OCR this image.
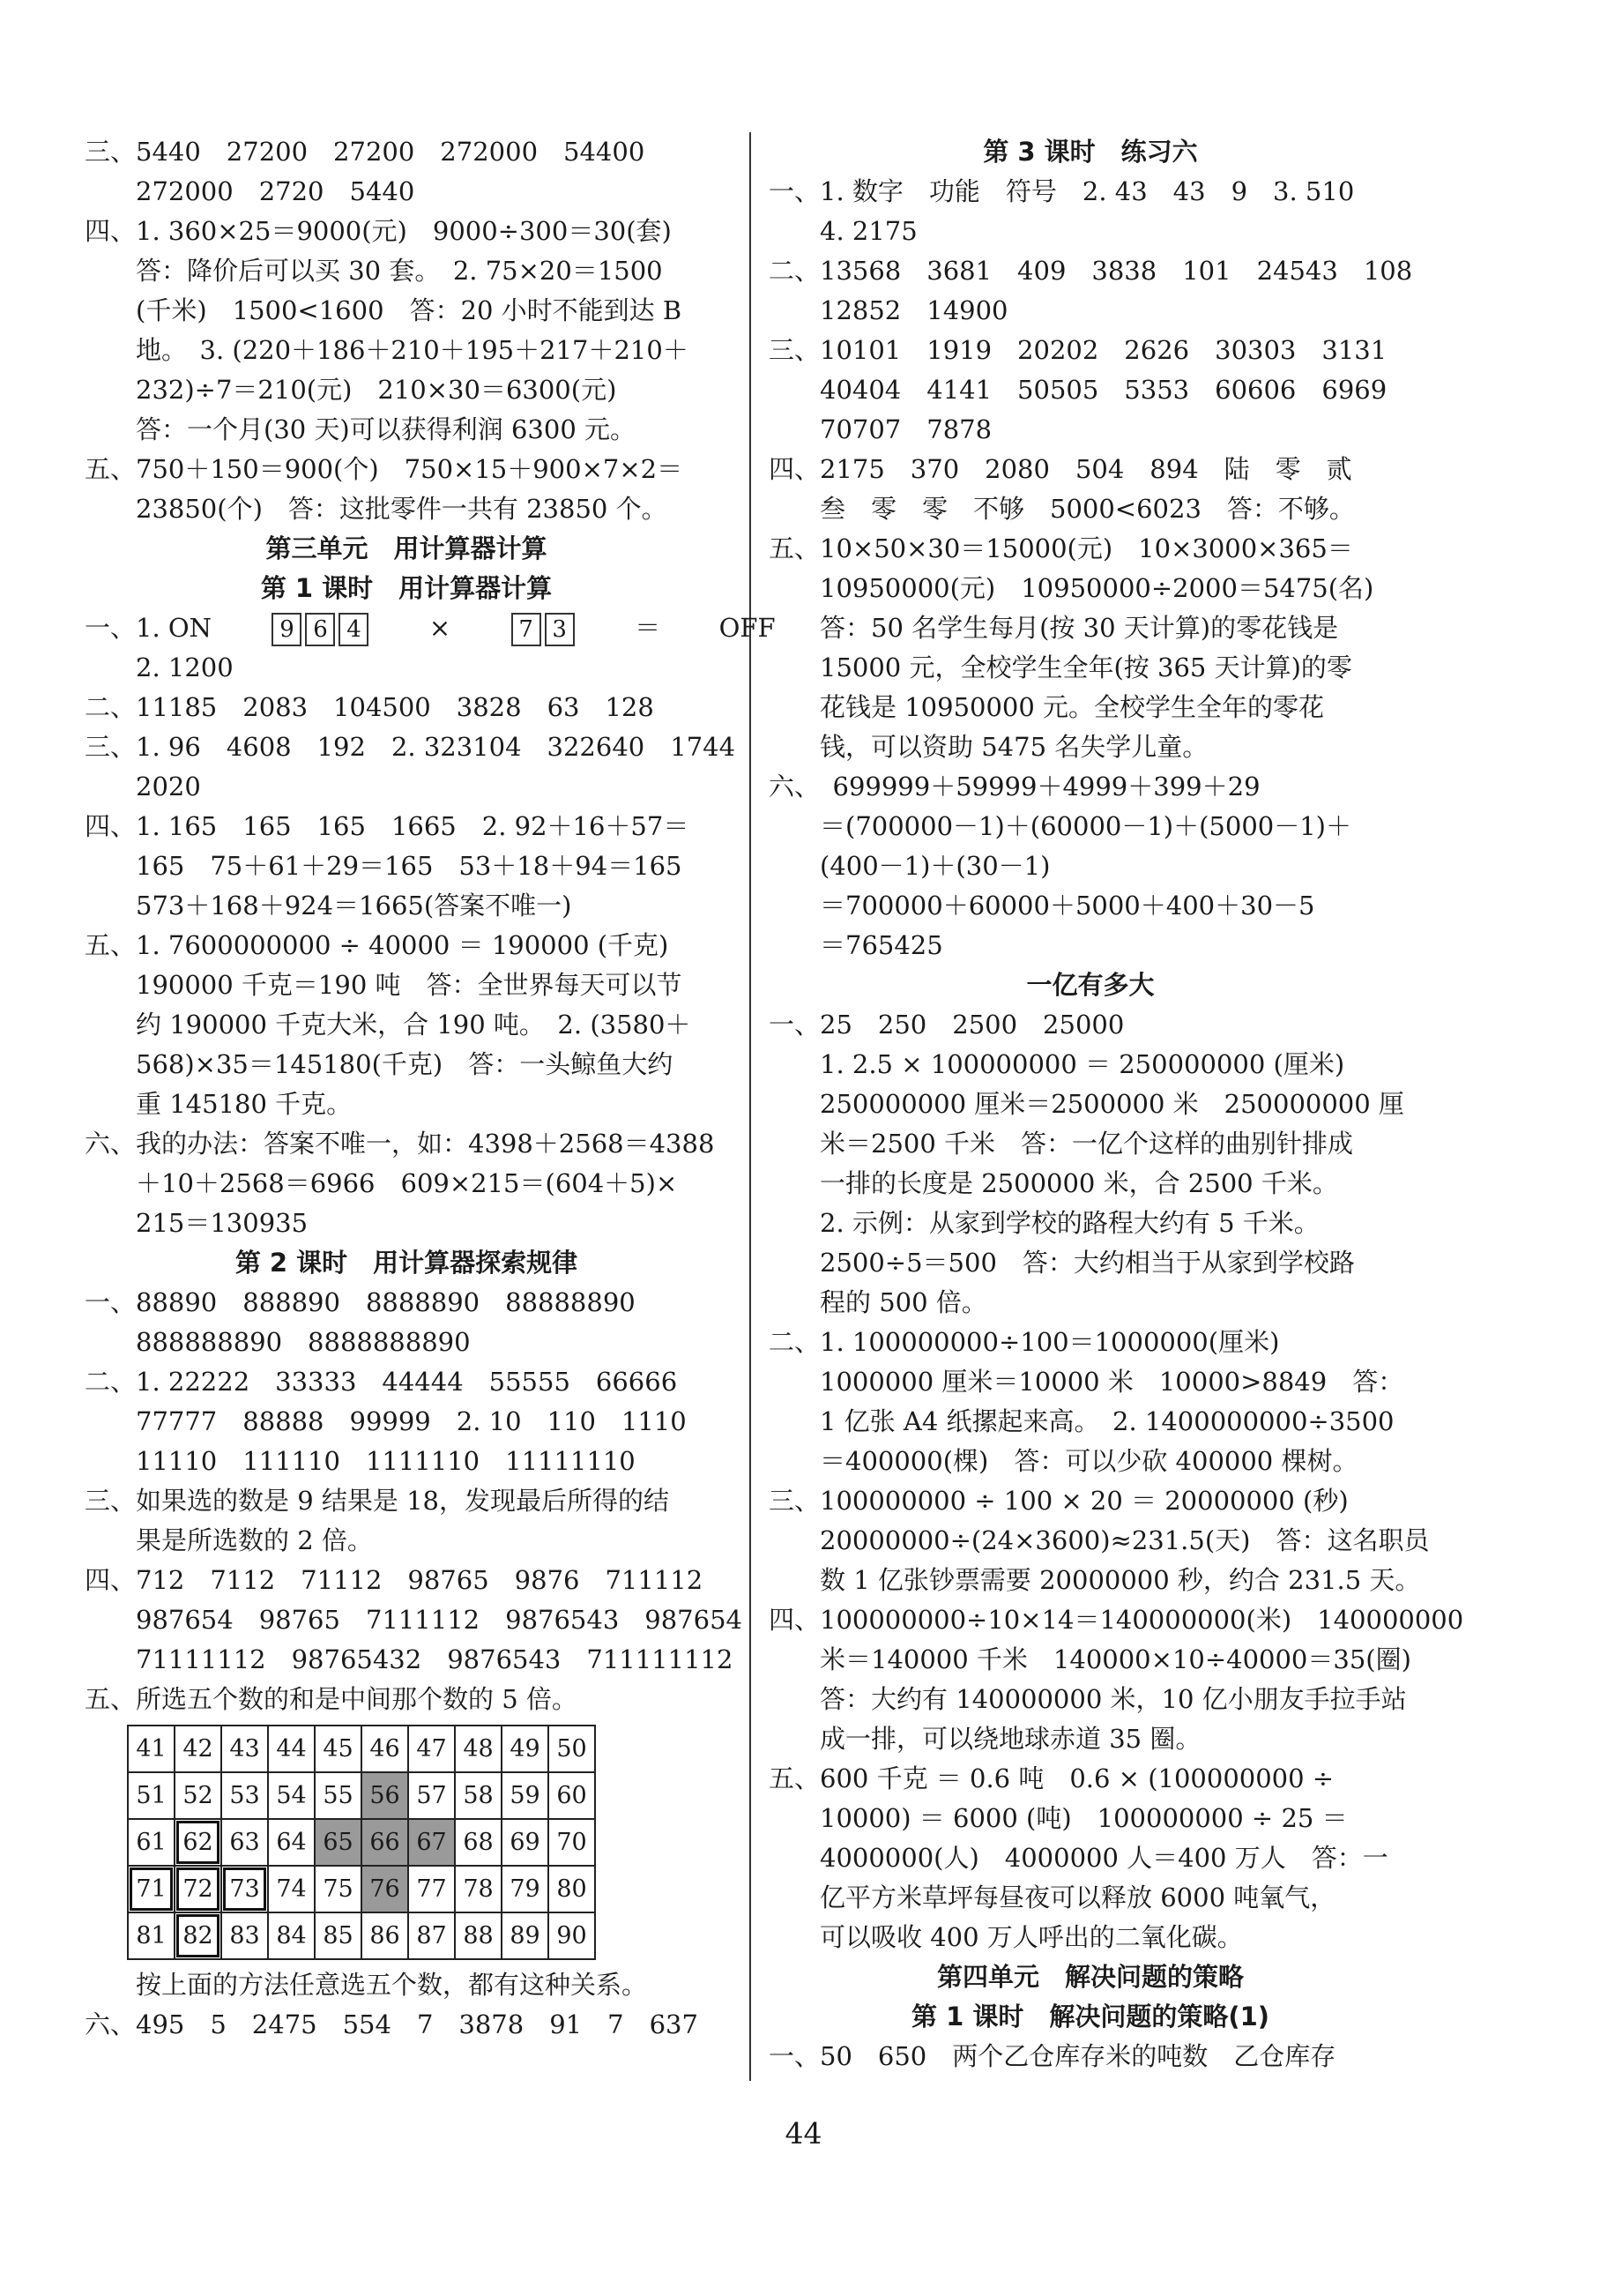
三、5440　27200　27200　272000　54400
272000　2720　5440
四、1. 360×25＝9000(元)　9000÷300＝30(套)
答：降价后可以买 30 套。　2. 75×20＝1500
(千米)　1500<1600　答：20 小时不能到达 B
地。　3. (220＋186＋210＋195＋217＋210＋
232)÷7＝210(元)　210×30＝6300(元)
答：一个月(30 天)可以获得利润 6300 元。
五、750＋150＝900(个)　750×15＋900×7×2＝
23850(个)　答：这批零件一共有 23850 个。
第三单元　用计算器计算
第 1 课时　用计算器计算
一、1. ON	9 6 4	×	7 3	＝ OFF
2. 1200
二、11185　2083　104500　3828　63　128
三、1. 96　4608　192　2. 323104　322640　1744
2020
四、1. 165　165　165　1665　2. 92＋16＋57＝
165　75＋61＋29＝165　53＋18＋94＝165
573＋168＋924＝1665(答案不唯一)
五、1. 7600000000 ÷ 40000 ＝ 190000 (千克)
190000 千克＝190 吨　答：全世界每天可以节
约 190000 千克大米，合 190 吨。　2. (3580＋
568)×35＝145180(千克)　答：一头鲸鱼大约
重 145180 千克。
六、我的办法：答案不唯一，如：4398＋2568＝4388
＋10＋2568＝6966　609×215＝(604＋5)×
215＝130935
第 2 课时　用计算器探索规律
一、88890　888890　8888890　88888890
888888890　8888888890
二、1. 22222　33333　44444　55555　66666
77777　88888　99999　2. 10　110　1110
11110　111110　1111110　11111110
三、如果选的数是 9 结果是 18，发现最后所得的结
果是所选数的 2 倍。
四、712　7112　71112　98765　9876　711112
987654　98765　7111112　9876543　987654
71111112　98765432　9876543　711111112
五、所选五个数的和是中间那个数的 5 倍。
41	42	43	44	45	46	47	48	49	50
51	52	53	54	55	56	57	58	59	60
61	62	63	64	65	66	67	68	69	70
71	72	73	74	75	76	77	78	79	80
81	82	83	84	85	86	87	88	89	90
按上面的方法任意选五个数，都有这种关系。
六、495　5　2475　554　7　3878　91　7　637
第 3 课时　练习六
一、1. 数字　功能　符号　2. 43　43　9　3. 510
4. 2175
二、13568　3681　409　3838　101　24543　108
12852　14900
三、10101　1919　20202　2626　30303　3131
40404　4141　50505　5353　60606　6969
70707　7878
四、2175　370　2080　504　894　陆　零　贰
叁　零　零　不够　5000<6023　答：不够。
五、10×50×30＝15000(元)　10×3000×365＝
10950000(元)　10950000÷2000＝5475(名)
答：50 名学生每月(按 30 天计算)的零花钱是
15000 元，全校学生全年(按 365 天计算)的零
花钱是 10950000 元。全校学生全年的零花
钱，可以资助 5475 名失学儿童。
六、　699999＋59999＋4999＋399＋29
＝(700000－1)＋(60000－1)＋(5000－1)＋
(400－1)＋(30－1)
＝700000＋60000＋5000＋400＋30－5
＝765425
一亿有多大
一、25　250　2500　25000
1. 2.5 × 100000000 ＝ 250000000 (厘米)
250000000 厘米＝2500000 米　250000000 厘
米＝2500 千米　答：一亿个这样的曲别针排成
一排的长度是 2500000 米，合 2500 千米。
2. 示例：从家到学校的路程大约有 5 千米。
2500÷5＝500　答：大约相当于从家到学校路
程的 500 倍。
二、1. 100000000÷100＝1000000(厘米)
1000000 厘米＝10000 米　10000>8849　答：
1 亿张 A4 纸摞起来高。　2. 1400000000÷3500
＝400000(棵)　答：可以少砍 400000 棵树。
三、100000000 ÷ 100 × 20 ＝ 20000000 (秒)
20000000÷(24×3600)≈231.5(天)　答：这名职员
数 1 亿张钞票需要 20000000 秒，约合 231.5 天。
四、100000000÷10×14＝140000000(米)　140000000
米＝140000 千米　140000×10÷40000＝35(圈)
答：大约有 140000000 米，10 亿小朋友手拉手站
成一排，可以绕地球赤道 35 圈。
五、600 千克 ＝ 0.6 吨　0.6 × (100000000 ÷
10000) ＝ 6000 (吨)　100000000 ÷ 25 ＝
4000000(人)　4000000 人＝400 万人　答：一
亿平方米草坪每昼夜可以释放 6000 吨氧气，
可以吸收 400 万人呼出的二氧化碳。
第四单元　解决问题的策略
第 1 课时　解决问题的策略(1)
一、50　650　两个乙仓库存米的吨数　乙仓库存
44
